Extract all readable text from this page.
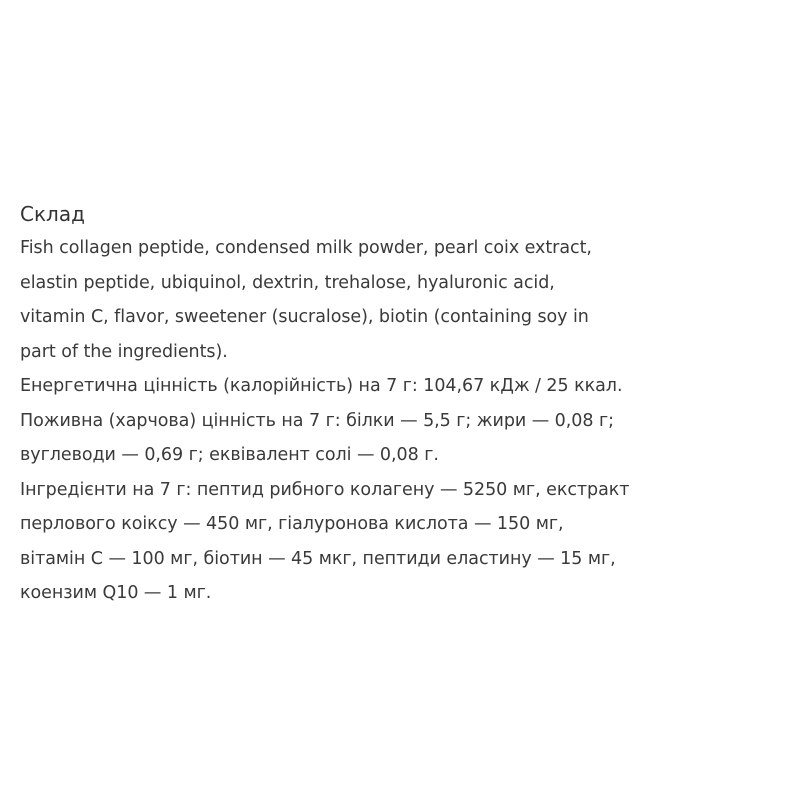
Склад
Fish collagen peptide, condensed milk powder, pearl coix extract,
elastin peptide, ubiquinol, dextrin, trehalose, hyaluronic acid,
vitamin C, flavor, sweetener (sucralose), biotin (containing soy in
part of the ingredients).
Енергетична цінність (калорійність) на 7 г: 104,67 кДж / 25 ккал.
Поживна (харчова) цінність на 7 г: білки — 5,5 г; жири — 0,08 г;
вуглеводи — 0,69 г; еквівалент солі — 0,08 г.
Інгредієнти на 7 г: пептид рибного колагену — 5250 мг, екстракт
перлового коіксу — 450 мг, гіалуронова кислота — 150 мг,
вітамін С — 100 мг, біотин — 45 мкг, пептиди еластину — 15 мг,
коензим Q10 — 1 мг.
